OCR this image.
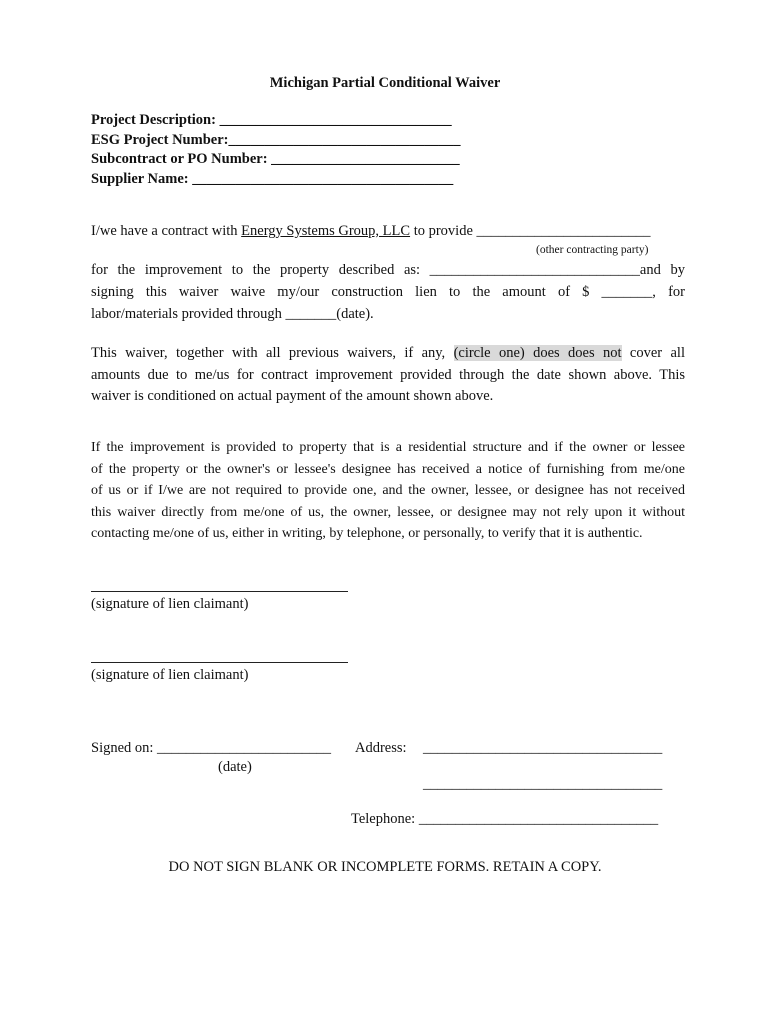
Michigan Partial Conditional Waiver
Project Description: ________________________________
ESG Project Number:________________________________
Subcontract or PO Number: __________________________
Supplier Name: ____________________________________
I/we have a contract with Energy Systems Group, LLC to provide ________________________
(other contracting party)
for the improvement to the property described as: _____________________________and by
signing this waiver waive my/our construction lien to the amount of $ _______, for
labor/materials provided through _______(date).
This waiver, together with all previous waivers, if any, (circle one) does does not cover all
amounts due to me/us for contract improvement provided through the date shown above. This
waiver is conditioned on actual payment of the amount shown above.
If the improvement is provided to property that is a residential structure and if the owner or lessee
of the property or the owner's or lessee's designee has received a notice of furnishing from me/one
of us or if I/we are not required to provide one, and the owner, lessee, or designee has not received
this waiver directly from me/one of us, the owner, lessee, or designee may not rely upon it without
contacting me/one of us, either in writing, by telephone, or personally, to verify that it is authentic.
(signature of lien claimant)
(signature of lien claimant)
Signed on: ________________________
(date)
Address: _________________________________
_________________________________
Telephone: _________________________________
DO NOT SIGN BLANK OR INCOMPLETE FORMS. RETAIN A COPY.
